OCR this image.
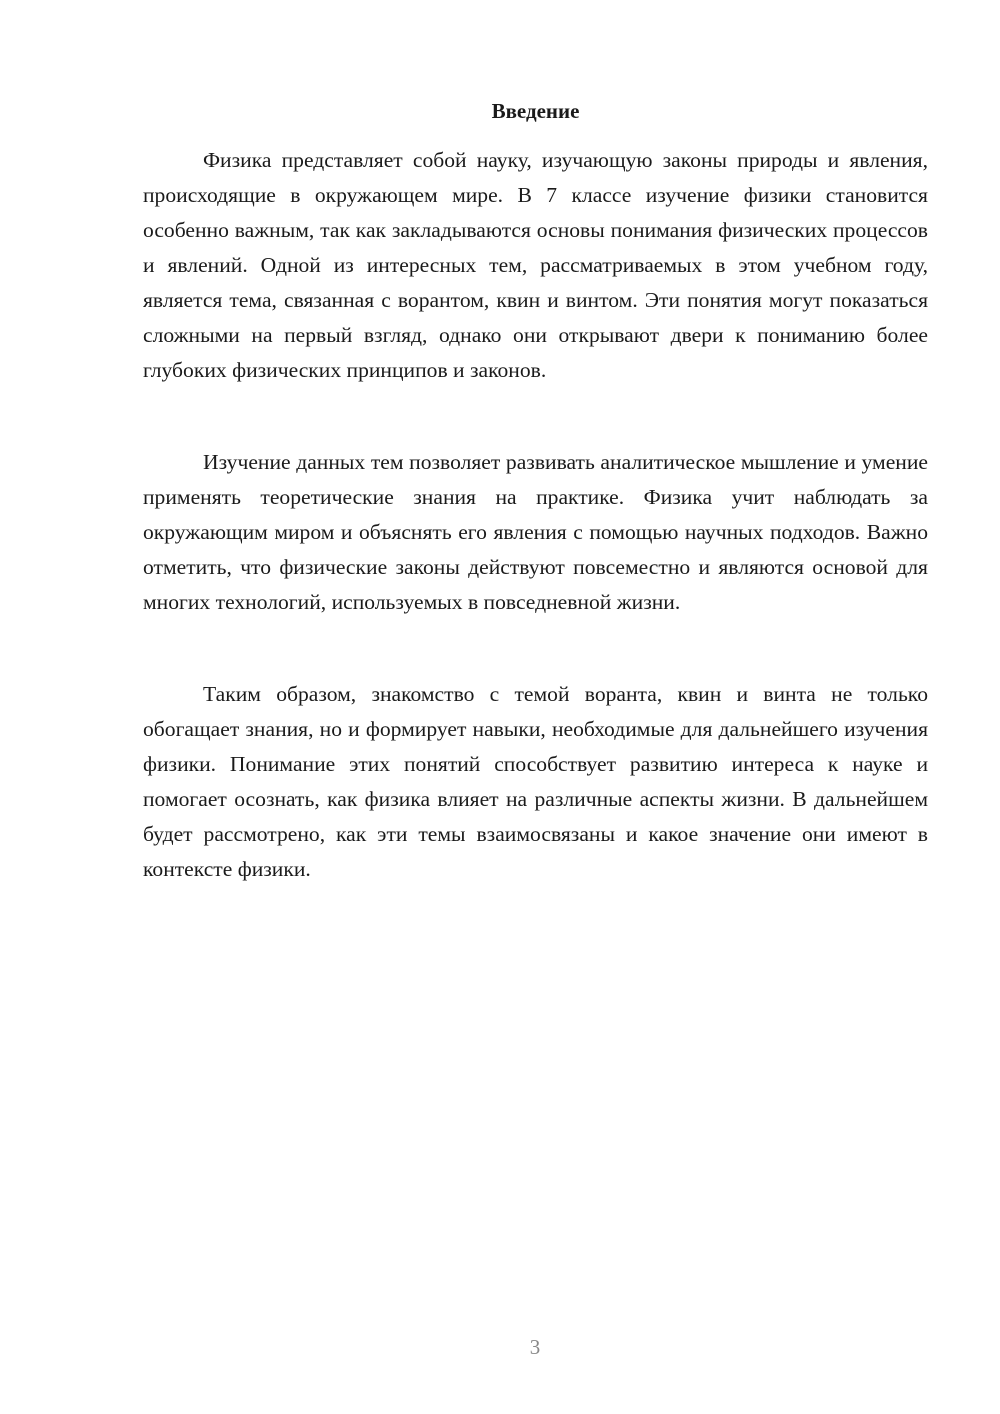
Введение

Физика представляет собой науку, изучающую законы природы и явления, происходящие в окружающем мире. В 7 классе изучение физики становится особенно важным, так как закладываются основы понимания физических процессов и явлений. Одной из интересных тем, рассматриваемых в этом учебном году, является тема, связанная с ворантом, квин и винтом. Эти понятия могут показаться сложными на первый взгляд, однако они открывают двери к пониманию более глубоких физических принципов и законов.

Изучение данных тем позволяет развивать аналитическое мышление и умение применять теоретические знания на практике. Физика учит наблюдать за окружающим миром и объяснять его явления с помощью научных подходов. Важно отметить, что физические законы действуют повсеместно и являются основой для многих технологий, используемых в повседневной жизни.

Таким образом, знакомство с темой воранта, квин и винта не только обогащает знания, но и формирует навыки, необходимые для дальнейшего изучения физики. Понимание этих понятий способствует развитию интереса к науке и помогает осознать, как физика влияет на различные аспекты жизни. В дальнейшем будет рассмотрено, как эти темы взаимосвязаны и какое значение они имеют в контексте физики.

3
